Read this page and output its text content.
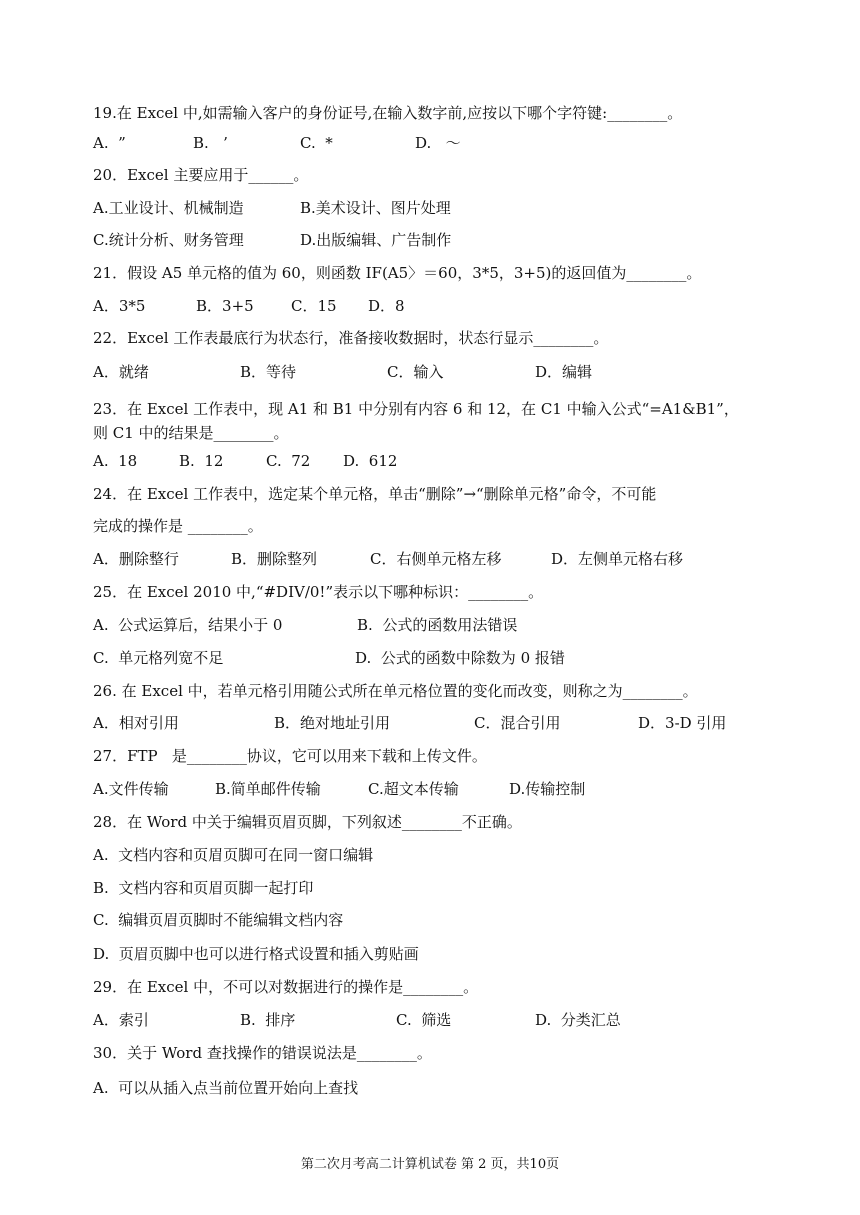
19.在 Excel 中,如需输入客户的身份证号,在输入数字前,应按以下哪个字符键:________。
A.  ”	B.   ’	C.  *	D.   ～
20．Excel 主要应用于______。
A.工业设计、机械制造	B.美术设计、图片处理
C.统计分析、财务管理	D.出版编辑、广告制作
21．假设 A5 单元格的值为 60，则函数 IF(A5〉＝60，3*5，3+5)的返回值为________。
A．3*5	B．3+5 C．15 D．8
22．Excel 工作表最底行为状态行，准备接收数据时，状态行显示________。
A．就绪	B．等待	C．输入	D．编辑
23．在 Excel 工作表中，现 A1 和 B1 中分别有内容 6 和 12，在 C1 中输入公式“=A1&B1”，
则 C1 中的结果是________。
A.  18	B.  12	C.  72 D.  612
24．在 Excel 工作表中，选定某个单元格，单击“删除”→“删除单元格”命令，不可能
完成的操作是 ________。
A．删除整行	B．删除整列	C．右侧单元格左移	D．左侧单元格右移
25．在 Excel 2010 中,“#DIV/0!”表示以下哪种标识：________。
A.  公式运算后，结果小于 0	B.  公式的函数用法错误
C.  单元格列宽不足	D.  公式的函数中除数为 0 报错
26. 在 Excel 中，若单元格引用随公式所在单元格位置的变化而改变，则称之为________。
A．相对引用	B．绝对地址引用	C．混合引用	D．3-D 引用
27．FTP   是________协议，它可以用来下载和上传文件。
A.文件传输	B.简单邮件传输	C.超文本传输	D.传输控制
28．在 Word 中关于编辑页眉页脚，下列叙述________不正确。
A.  文档内容和页眉页脚可在同一窗口编辑
B.  文档内容和页眉页脚一起打印
C.  编辑页眉页脚时不能编辑文档内容
D.  页眉页脚中也可以进行格式设置和插入剪贴画
29．在 Excel 中，不可以对数据进行的操作是________。
A．索引	B.  排序	C.  筛选	D.  分类汇总
30．关于 Word 查找操作的错误说法是________。
A.  可以从插入点当前位置开始向上查找
第二次月考高二计算机试卷 第 2 页，共10页
